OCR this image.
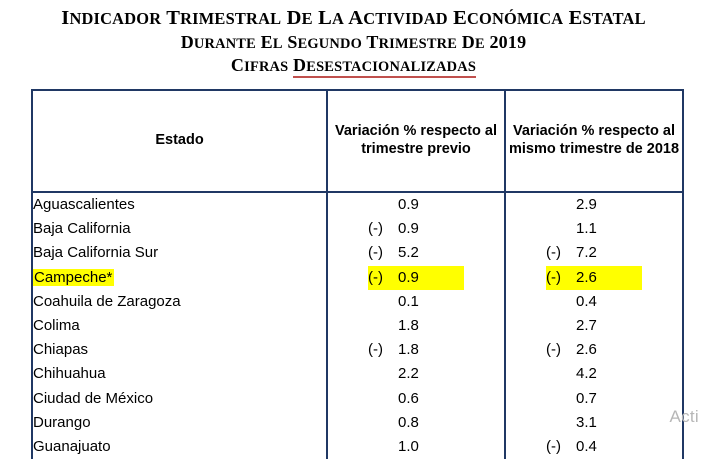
INDICADOR TRIMESTRAL DE LA ACTIVIDAD ECONÓMICA ESTATAL
DURANTE EL SEGUNDO TRIMESTRE DE 2019
CIFRAS DESESTACIONALIZADAS
Estado	Variación % respecto al trimestre previo	Variación % respecto al mismo trimestre de 2018
Aguascalientes	0.9	2.9
Baja California	(-) 0.9	1.1
Baja California Sur	(-) 5.2	(-) 7.2
Campeche*	(-) 0.9	(-) 2.6
Coahuila de Zaragoza	0.1	0.4
Colima	1.8	2.7
Chiapas	(-) 1.8	(-) 2.6
Chihuahua	2.2	4.2
Ciudad de México	0.6	0.7
Durango	0.8	3.1
Guanajuato	1.0	(-) 0.4
Acti
